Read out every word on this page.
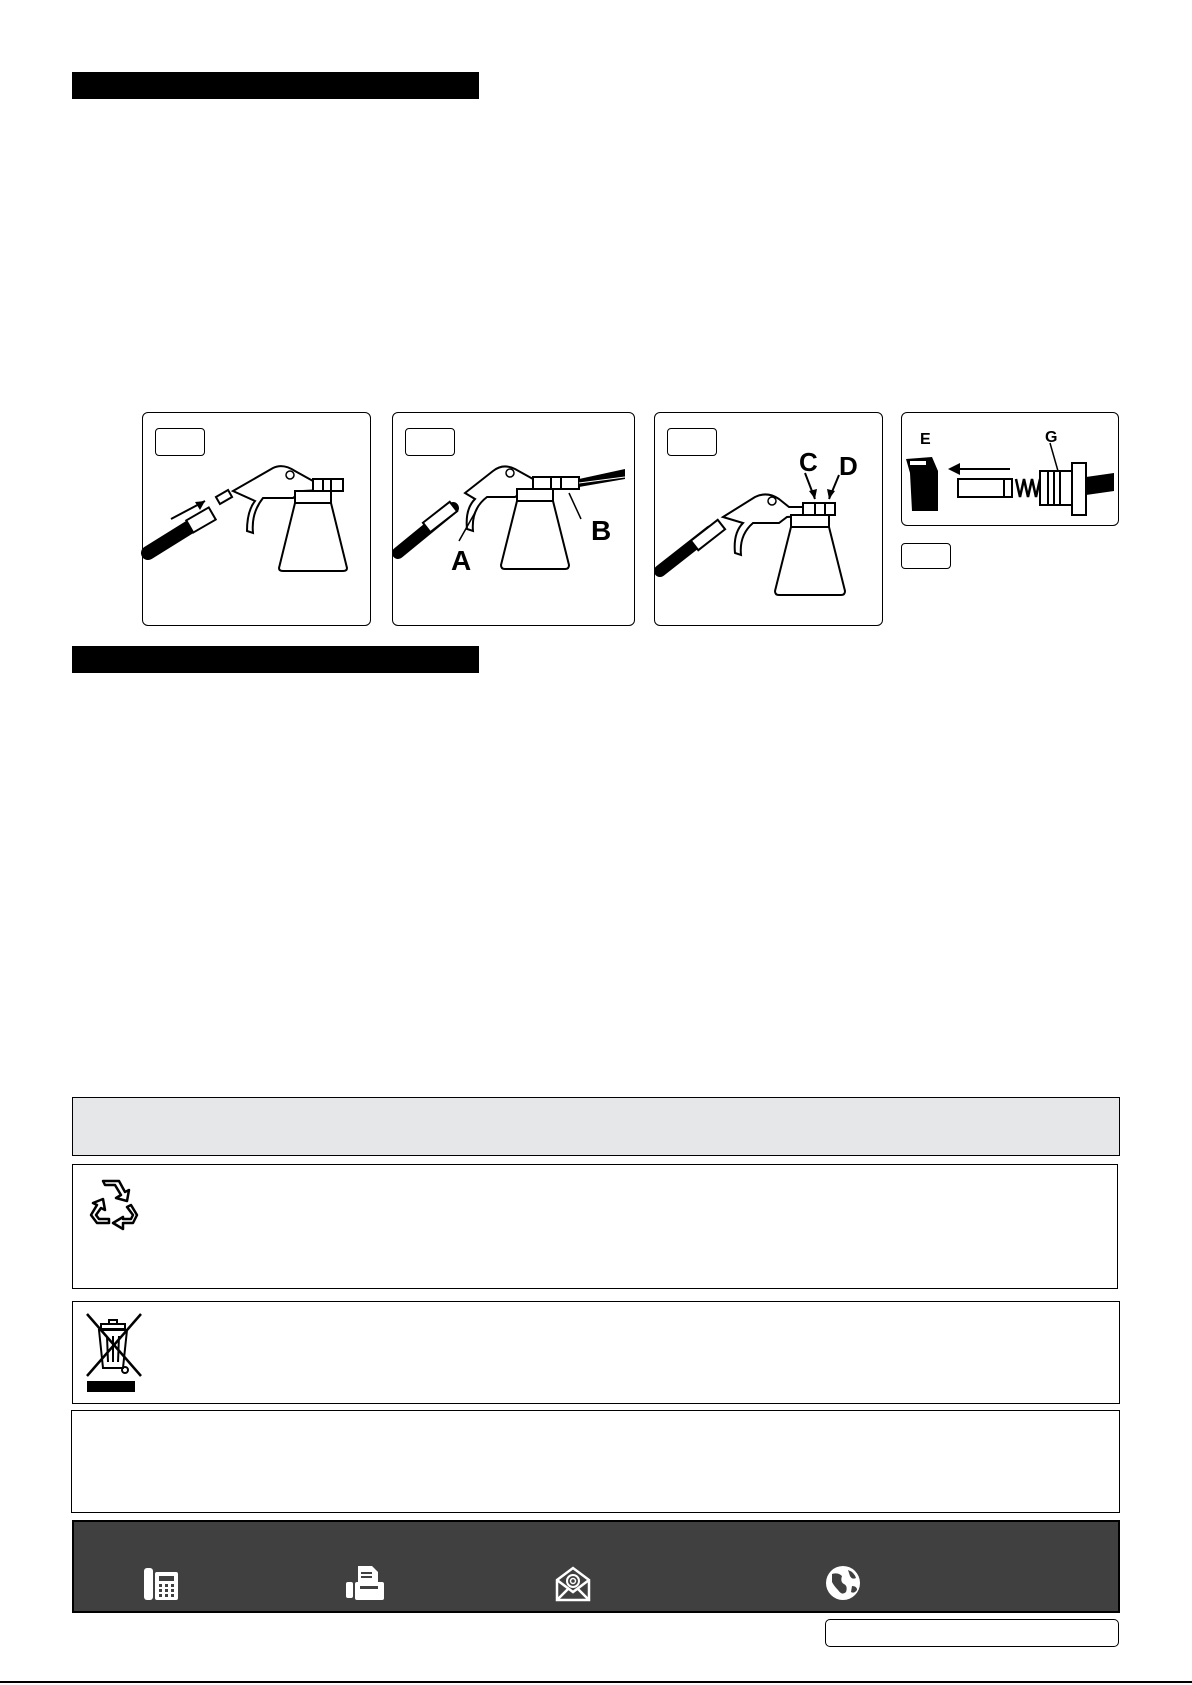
A
B
C D
E	G
